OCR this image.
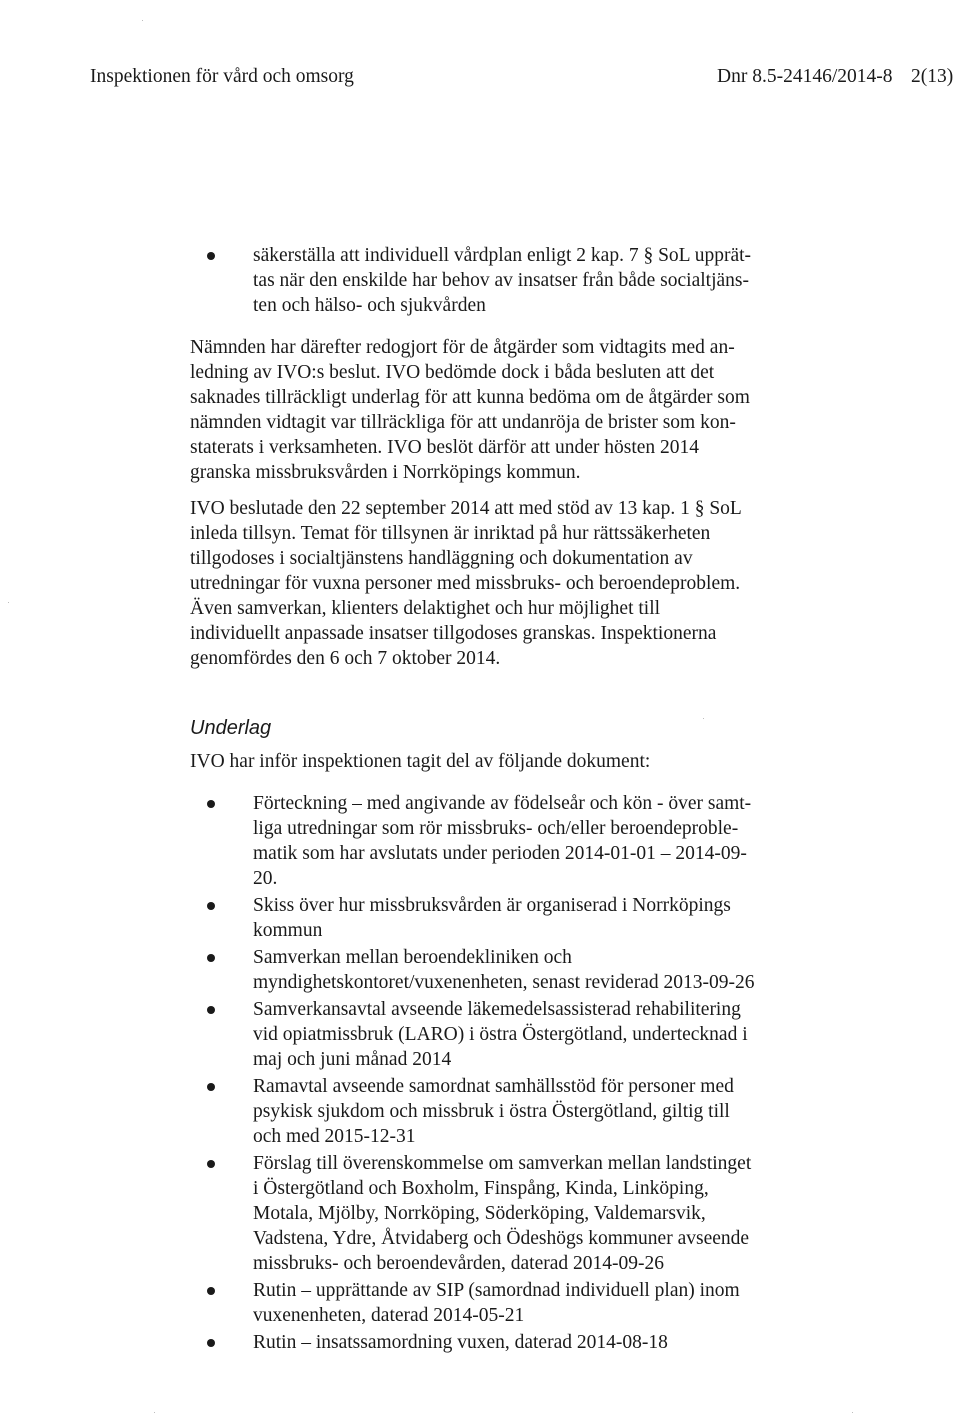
Inspektionen för vård och omsorg	Dnr 8.5-24146/2014-8 2(13)
säkerställa att individuell vårdplan enligt 2 kap. 7 § SoL upprät-
tas när den enskilde har behov av insatser från både socialtjäns-
ten och hälso- och sjukvården
Nämnden har därefter redogjort för de åtgärder som vidtagits med an-
ledning av IVO:s beslut. IVO bedömde dock i båda besluten att det
saknades tillräckligt underlag för att kunna bedöma om de åtgärder som
nämnden vidtagit var tillräckliga för att undanröja de brister som kon-
staterats i verksamheten. IVO beslöt därför att under hösten 2014
granska missbruksvården i Norrköpings kommun.
IVO beslutade den 22 september 2014 att med stöd av 13 kap. 1 § SoL
inleda tillsyn. Temat för tillsynen är inriktad på hur rättssäkerheten
tillgodoses i socialtjänstens handläggning och dokumentation av
utredningar för vuxna personer med missbruks- och beroendeproblem.
Även samverkan, klienters delaktighet och hur möjlighet till
individuellt anpassade insatser tillgodoses granskas. Inspektionerna
genomfördes den 6 och 7 oktober 2014.
Underlag
IVO har inför inspektionen tagit del av följande dokument:
Förteckning – med angivande av födelseår och kön - över samt-
liga utredningar som rör missbruks- och/eller beroendeproble-
matik som har avslutats under perioden 2014-01-01 – 2014-09-
20.
Skiss över hur missbruksvården är organiserad i Norrköpings
kommun
Samverkan mellan beroendekliniken och
myndighetskontoret/vuxenenheten, senast reviderad 2013-09-26
Samverkansavtal avseende läkemedelsassisterad rehabilitering
vid opiatmissbruk (LARO) i östra Östergötland, undertecknad i
maj och juni månad 2014
Ramavtal avseende samordnat samhällsstöd för personer med
psykisk sjukdom och missbruk i östra Östergötland, giltig till
och med 2015-12-31
Förslag till överenskommelse om samverkan mellan landstinget
i Östergötland och Boxholm, Finspång, Kinda, Linköping,
Motala, Mjölby, Norrköping, Söderköping, Valdemarsvik,
Vadstena, Ydre, Åtvidaberg och Ödeshögs kommuner avseende
missbruks- och beroendevården, daterad 2014-09-26
Rutin – upprättande av SIP (samordnad individuell plan) inom
vuxenenheten, daterad 2014-05-21
Rutin – insatssamordning vuxen, daterad 2014-08-18
